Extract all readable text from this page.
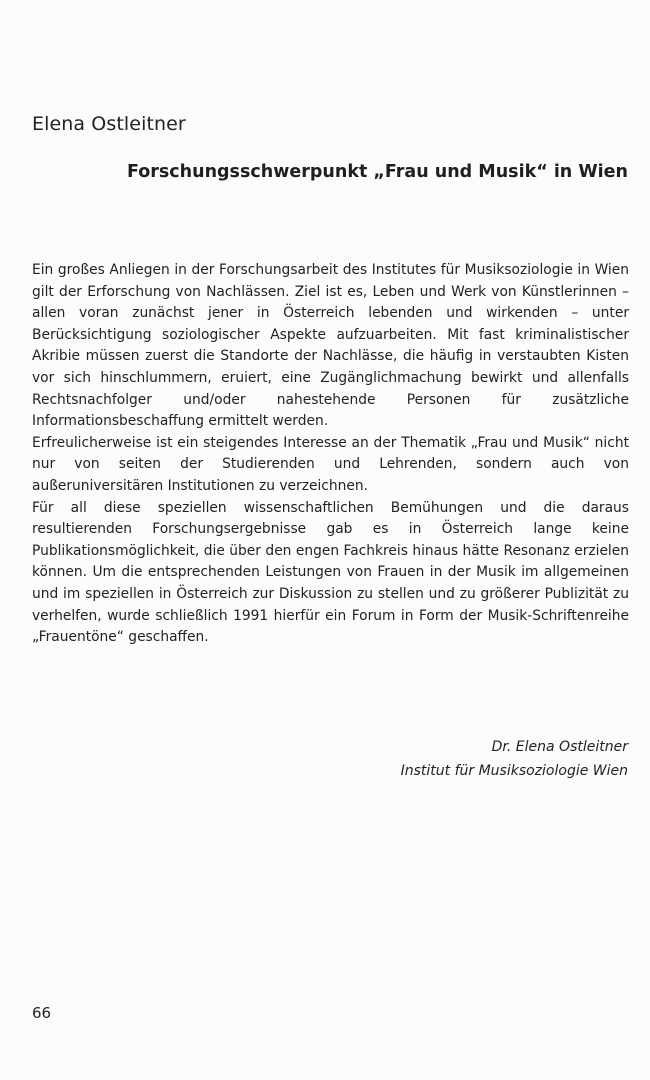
Elena Ostleitner
Forschungsschwerpunkt „Frau und Musik“ in Wien

Ein großes Anliegen in der Forschungsarbeit des Institutes für Musiksoziologie in Wien gilt der Erforschung von Nachlässen. Ziel ist es, Leben und Werk von Künstlerinnen – allen voran zunächst jener in Österreich lebenden und wirkenden – unter Berücksichtigung soziologischer Aspekte aufzuarbeiten. Mit fast kriminalistischer Akribie müssen zuerst die Standorte der Nachlässe, die häufig in verstaubten Kisten vor sich hinschlummern, eruiert, eine Zugänglichmachung bewirkt und allenfalls Rechtsnachfolger und/oder nahestehende Personen für zusätzliche Informationsbeschaffung ermittelt werden.

Erfreulicherweise ist ein steigendes Interesse an der Thematik „Frau und Musik“ nicht nur von seiten der Studierenden und Lehrenden, sondern auch von außeruniversitären Institutionen zu verzeichnen.

Für all diese speziellen wissenschaftlichen Bemühungen und die daraus resultierenden Forschungsergebnisse gab es in Österreich lange keine Publikationsmöglichkeit, die über den engen Fachkreis hinaus hätte Resonanz erzielen können. Um die entsprechenden Leistungen von Frauen in der Musik im allgemeinen und im speziellen in Österreich zur Diskussion zu stellen und zu größerer Publizität zu verhelfen, wurde schließlich 1991 hierfür ein Forum in Form der Musik-Schriftenreihe „Frauentöne“ geschaffen.

Dr. Elena Ostleitner
Institut für Musiksoziologie Wien
66
